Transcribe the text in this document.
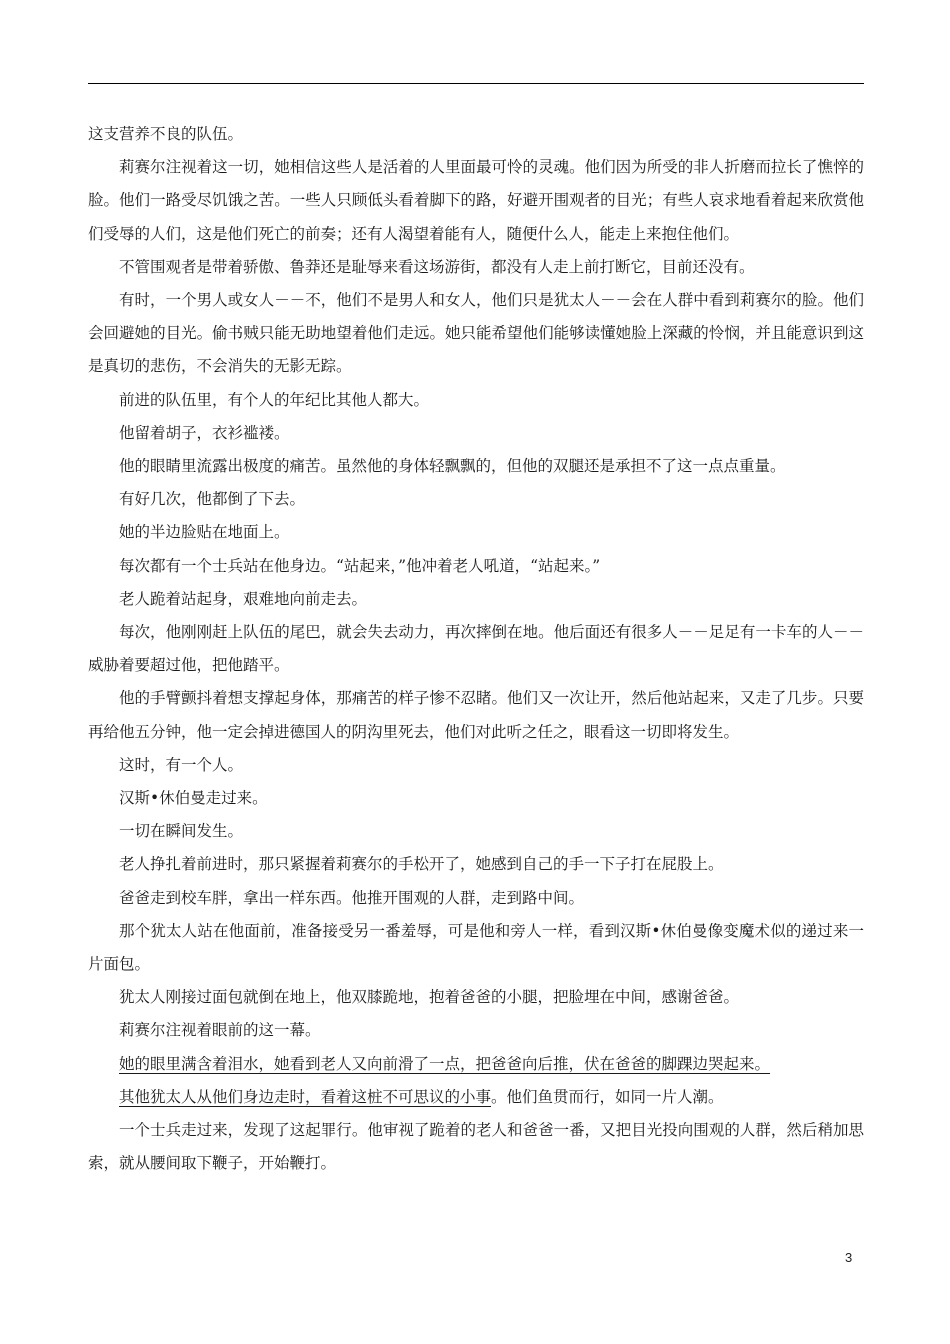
这支营养不良的队伍。

莉赛尔注视着这一切，她相信这些人是活着的人里面最可怜的灵魂。他们因为所受的非人折磨而拉长了憔悴的脸。他们一路受尽饥饿之苦。一些人只顾低头看着脚下的路，好避开围观者的目光；有些人哀求地看着起来欣赏他们受辱的人们，这是他们死亡的前奏；还有人渴望着能有人，随便什么人，能走上来抱住他们。

不管围观者是带着骄傲、鲁莽还是耻辱来看这场游街，都没有人走上前打断它，目前还没有。

有时，一个男人或女人－－不，他们不是男人和女人，他们只是犹太人－－会在人群中看到莉赛尔的脸。他们会回避她的目光。偷书贼只能无助地望着他们走远。她只能希望他们能够读懂她脸上深藏的怜悯，并且能意识到这是真切的悲伤，不会消失的无影无踪。

前进的队伍里，有个人的年纪比其他人都大。

他留着胡子，衣衫褴褛。

他的眼睛里流露出极度的痛苦。虽然他的身体轻飘飘的，但他的双腿还是承担不了这一点点重量。

有好几次，他都倒了下去。

她的半边脸贴在地面上。

每次都有一个士兵站在他身边。“站起来，”他冲着老人吼道，“站起来。”

老人跪着站起身，艰难地向前走去。

每次，他刚刚赶上队伍的尾巴，就会失去动力，再次摔倒在地。他后面还有很多人－－足足有一卡车的人－－威胁着要超过他，把他踏平。

他的手臂颤抖着想支撑起身体，那痛苦的样子惨不忍睹。他们又一次让开，然后他站起来，又走了几步。只要再给他五分钟，他一定会掉进德国人的阴沟里死去，他们对此听之任之，眼看这一切即将发生。

这时，有一个人。

汉斯•休伯曼走过来。

一切在瞬间发生。

老人挣扎着前进时，那只紧握着莉赛尔的手松开了，她感到自己的手一下子打在屁股上。

爸爸走到校车胖，拿出一样东西。他推开围观的人群，走到路中间。

那个犹太人站在他面前，准备接受另一番羞辱，可是他和旁人一样，看到汉斯•休伯曼像变魔术似的递过来一片面包。

犹太人刚接过面包就倒在地上，他双膝跪地，抱着爸爸的小腿，把脸埋在中间，感谢爸爸。

莉赛尔注视着眼前的这一幕。

她的眼里满含着泪水，她看到老人又向前滑了一点，把爸爸向后推，伏在爸爸的脚踝边哭起来。

其他犹太人从他们身边走时，看着这桩不可思议的小事。他们鱼贯而行，如同一片人潮。

一个士兵走过来，发现了这起罪行。他审视了跪着的老人和爸爸一番，又把目光投向围观的人群，然后稍加思索，就从腰间取下鞭子，开始鞭打。

3
